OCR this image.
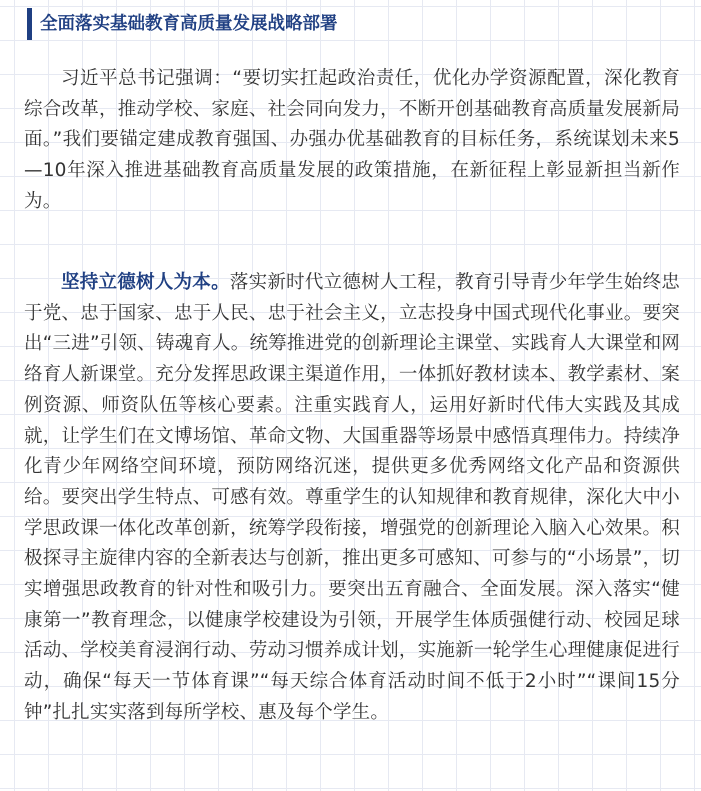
全面落实基础教育高质量发展战略部署

习近平总书记强调：“要切实扛起政治责任，优化办学资源配置，深化教育综合改革，推动学校、家庭、社会同向发力，不断开创基础教育高质量发展新局面。”我们要锚定建成教育强国、办强办优基础教育的目标任务，系统谋划未来5—10年深入推进基础教育高质量发展的政策措施，在新征程上彰显新担当新作为。

坚持立德树人为本。落实新时代立德树人工程，教育引导青少年学生始终忠于党、忠于国家、忠于人民、忠于社会主义，立志投身中国式现代化事业。要突出“三进”引领、铸魂育人。统筹推进党的创新理论主课堂、实践育人大课堂和网络育人新课堂。充分发挥思政课主渠道作用，一体抓好教材读本、教学素材、案例资源、师资队伍等核心要素。注重实践育人，运用好新时代伟大实践及其成就，让学生们在文博场馆、革命文物、大国重器等场景中感悟真理伟力。持续净化青少年网络空间环境，预防网络沉迷，提供更多优秀网络文化产品和资源供给。要突出学生特点、可感有效。尊重学生的认知规律和教育规律，深化大中小学思政课一体化改革创新，统筹学段衔接，增强党的创新理论入脑入心效果。积极探寻主旋律内容的全新表达与创新，推出更多可感知、可参与的“小场景”，切实增强思政教育的针对性和吸引力。要突出五育融合、全面发展。深入落实“健康第一”教育理念，以健康学校建设为引领，开展学生体质强健行动、校园足球活动、学校美育浸润行动、劳动习惯养成计划，实施新一轮学生心理健康促进行动，确保“每天一节体育课”“每天综合体育活动时间不低于2小时”“课间15分钟”扎扎实实落到每所学校、惠及每个学生。
